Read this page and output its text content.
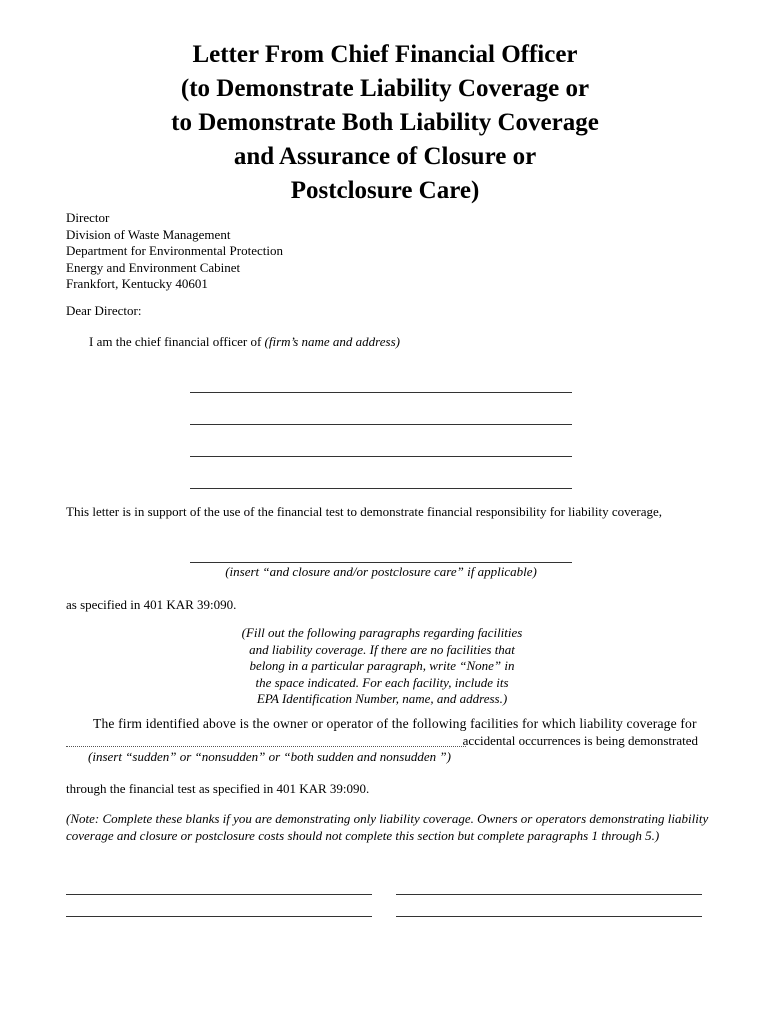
Letter From Chief Financial Officer
(to Demonstrate Liability Coverage or
to Demonstrate Both Liability Coverage
and Assurance of Closure or
Postclosure Care)
Director
Division of Waste Management
Department for Environmental Protection
Energy and Environment Cabinet
Frankfort, Kentucky 40601
Dear Director:
I am the chief financial officer of (firm’s name and address)
This letter is in support of the use of the financial test to demonstrate financial responsibility for liability coverage,
(insert “and closure and/or postclosure care” if applicable)
as specified in 401 KAR 39:090.
(Fill out the following paragraphs regarding facilities
and liability coverage. If there are no facilities that
belong in a particular paragraph, write “None” in
the space indicated. For each facility, include its
EPA Identification Number, name, and address.)
The firm identified above is the owner or operator of the following facilities for which liability coverage for
accidental occurrences is being demonstrated
(insert “sudden” or “nonsudden” or “both sudden and nonsudden ”)
through the financial test as specified in 401 KAR 39:090.
(Note: Complete these blanks if you are demonstrating only liability coverage. Owners or operators demonstrating liability coverage and closure or postclosure costs should not complete this section but complete paragraphs 1 through 5.)
